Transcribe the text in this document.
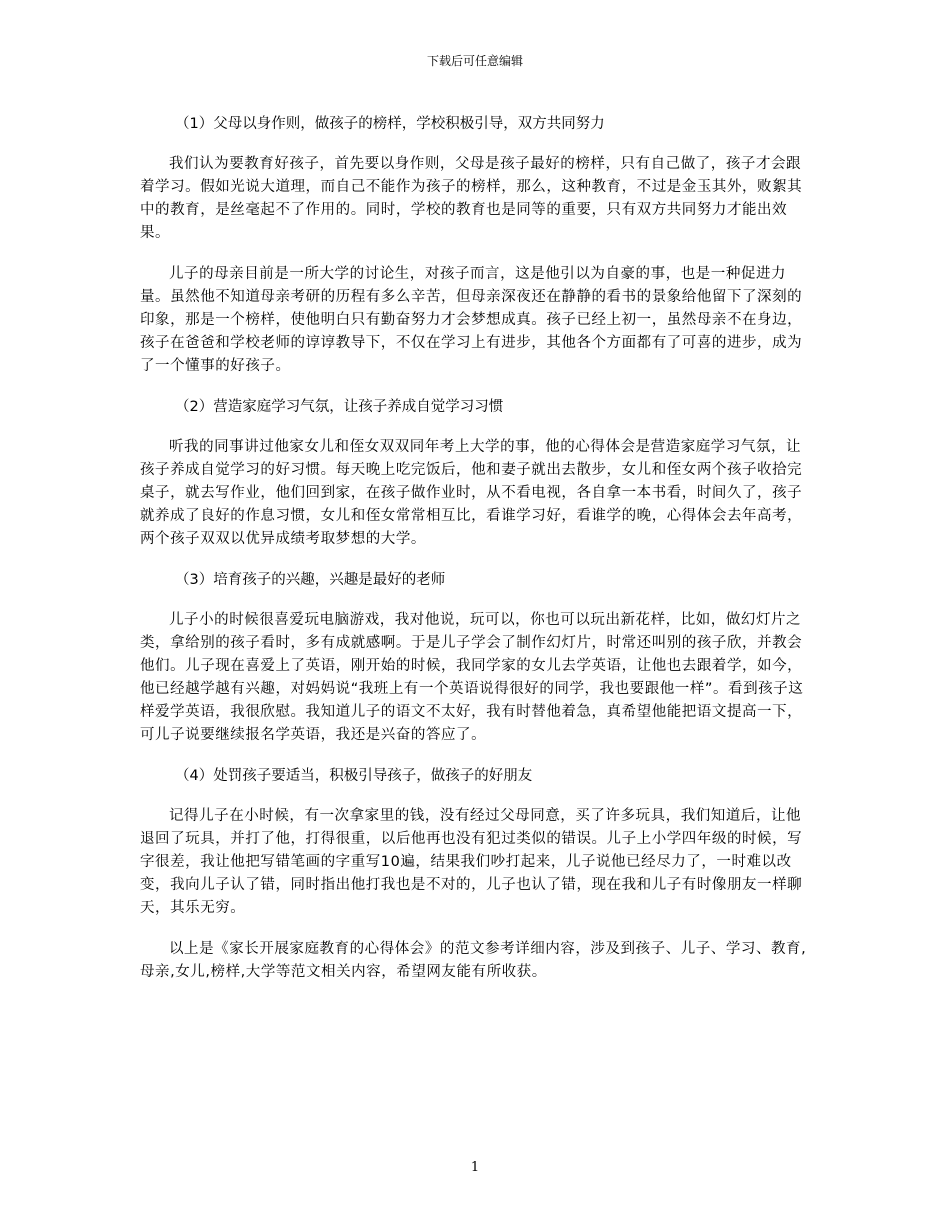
下载后可任意编辑

（1）父母以身作则，做孩子的榜样，学校积极引导，双方共同努力

我们认为要教育好孩子，首先要以身作则，父母是孩子最好的榜样，只有自己做了，孩子才会跟着学习。假如光说大道理，而自己不能作为孩子的榜样，那么，这种教育，不过是金玉其外，败絮其中的教育，是丝毫起不了作用的。同时，学校的教育也是同等的重要，只有双方共同努力才能出效果。

儿子的母亲目前是一所大学的讨论生，对孩子而言，这是他引以为自豪的事，也是一种促进力量。虽然他不知道母亲考研的历程有多么辛苦，但母亲深夜还在静静的看书的景象给他留下了深刻的印象，那是一个榜样，使他明白只有勤奋努力才会梦想成真。孩子已经上初一，虽然母亲不在身边，孩子在爸爸和学校老师的谆谆教导下，不仅在学习上有进步，其他各个方面都有了可喜的进步，成为了一个懂事的好孩子。

（2）营造家庭学习气氛，让孩子养成自觉学习习惯

听我的同事讲过他家女儿和侄女双双同年考上大学的事，他的心得体会是营造家庭学习气氛，让孩子养成自觉学习的好习惯。每天晚上吃完饭后，他和妻子就出去散步，女儿和侄女两个孩子收拾完桌子，就去写作业，他们回到家，在孩子做作业时，从不看电视，各自拿一本书看，时间久了，孩子就养成了良好的作息习惯，女儿和侄女常常相互比，看谁学习好，看谁学的晚，心得体会去年高考，两个孩子双双以优异成绩考取梦想的大学。

（3）培育孩子的兴趣，兴趣是最好的老师

儿子小的时候很喜爱玩电脑游戏，我对他说，玩可以，你也可以玩出新花样，比如，做幻灯片之类，拿给别的孩子看时，多有成就感啊。于是儿子学会了制作幻灯片，时常还叫别的孩子欣，并教会他们。儿子现在喜爱上了英语，刚开始的时候，我同学家的女儿去学英语，让他也去跟着学，如今，他已经越学越有兴趣，对妈妈说“我班上有一个英语说得很好的同学，我也要跟他一样”。看到孩子这样爱学英语，我很欣慰。我知道儿子的语文不太好，我有时替他着急，真希望他能把语文提高一下，可儿子说要继续报名学英语，我还是兴奋的答应了。

（4）处罚孩子要适当，积极引导孩子，做孩子的好朋友

记得儿子在小时候，有一次拿家里的钱，没有经过父母同意，买了许多玩具，我们知道后，让他退回了玩具，并打了他，打得很重，以后他再也没有犯过类似的错误。儿子上小学四年级的时候，写字很差，我让他把写错笔画的字重写10遍，结果我们吵打起来，儿子说他已经尽力了，一时难以改变，我向儿子认了错，同时指出他打我也是不对的，儿子也认了错，现在我和儿子有时像朋友一样聊天，其乐无穷。

以上是《家长开展家庭教育的心得体会》的范文参考详细内容，涉及到孩子、儿子、学习、教育,母亲,女儿,榜样,大学等范文相关内容，希望网友能有所收获。

1
